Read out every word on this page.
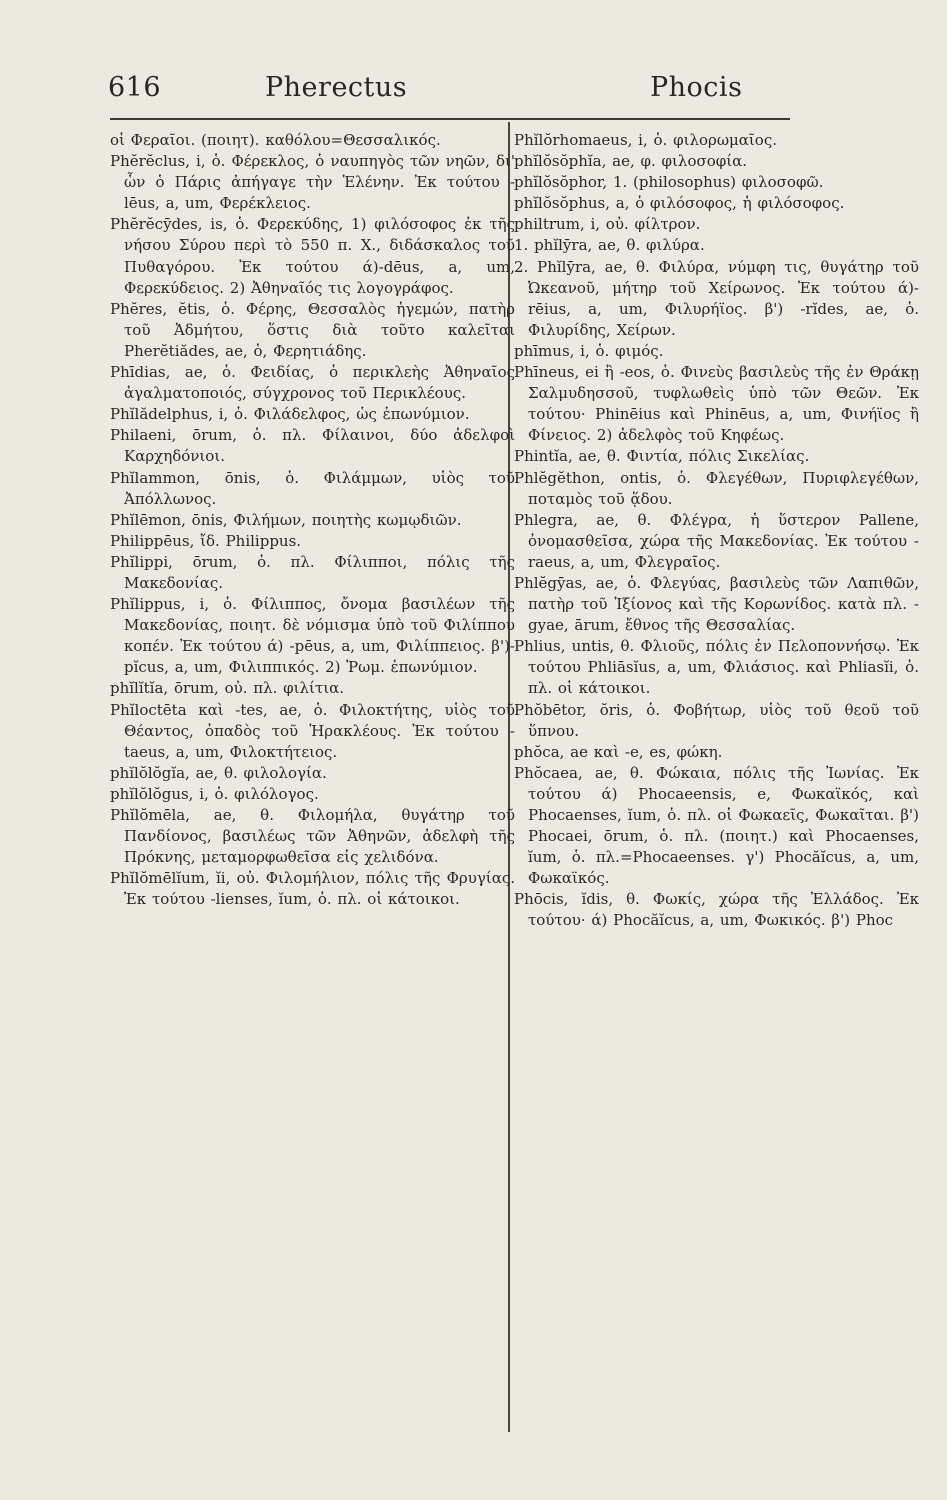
616	Pherectus	Phocis

οἱ Φεραῖοι. (ποιητ). καθόλου=Θεσσαλικός.

Phĕrĕclus, i, ὁ. Φέρεκλος, ὁ ναυπηγὸς τῶν νηῶν, δι' ὧν ὁ Πάρις ἀπήγαγε τὴν Ἑλένην. Ἐκ τούτου -lēus, a, um, Φερέκλειος.

Phĕrĕcȳdes, is, ὁ. Φερεκύδης, 1) φιλόσοφος ἐκ τῆς νήσου Σύρου περὶ τὸ 550 π. Χ., διδάσκαλος τοῦ Πυθαγόρου. Ἐκ τούτου ά)-dēus, a, um, Φερεκύδειος. 2) Ἀθηναῖός τις λογογράφος.

Phĕres, ĕtis, ὁ. Φέρης, Θεσσαλὸς ἡγεμών, πατὴρ τοῦ Ἀδμήτου, ὅστις διὰ τοῦτο καλεῖται Pherĕtiădes, ae, ὁ, Φερητιάδης.

Phīdias, ae, ὁ. Φειδίας, ὁ περικλεὴς Ἀθηναῖος ἀγαλματοποιός, σύγχρονος τοῦ Περικλέους.

Phĭlădelphus, i, ὁ. Φιλάδελφος, ὡς ἐπωνύμιον.

Philaeni, ōrum, ὁ. πλ. Φίλαινοι, δύο ἀδελφοὶ Καρχηδόνιοι.

Phĭlammon, ōnis, ὁ. Φιλάμμων, υἱὸς τοῦ Ἀπόλλωνος.

Phĭlēmon, ōnis, Φιλήμων, ποιητὴς κωμῳδιῶν.

Philippēus, ἴδ. Philippus.

Phĭlippi, ōrum, ὁ. πλ. Φίλιπποι, πόλις τῆς Μακεδονίας.

Phĭlippus, i, ὁ. Φίλιππος, ὄνομα βασιλέων τῆς Μακεδονίας, ποιητ. δὲ νόμισμα ὑπὸ τοῦ Φιλίππου κοπέν. Ἐκ τούτου ά) -pēus, a, um, Φιλίππειος. β')-pĭcus, a, um, Φιλιππικός. 2) Ῥωμ. ἐπωνύμιον.

phĭlĭtĭa, ōrum, οὐ. πλ. φιλίτια.

Phĭloctēta καὶ -tes, ae, ὁ. Φιλοκτήτης, υἱὸς τοῦ Θέαντος, ὀπαδὸς τοῦ Ἡρακλέους. Ἐκ τούτου -taeus, a, um, Φιλοκτήτειος.

phĭlŏlŏgĭa, ae, θ. φιλολογία.

phĭlŏlŏgus, i, ὁ. φιλόλογος.

Phĭlŏmēla, ae, θ. Φιλομήλα, θυγάτηρ τοῦ Πανδίονος, βασιλέως τῶν Ἀθηνῶν, ἀδελφὴ τῆς Πρόκνης, μεταμορφωθεῖσα εἰς χελιδόνα.

Phĭlŏmēlĭum, ĭi, οὐ. Φιλομήλιον, πόλις τῆς Φρυγίας. Ἐκ τούτου -lienses, ĭum, ὁ. πλ. οἱ κάτοικοι.

Phĭlŏrhomaeus, i, ὁ. φιλορωμαῖος.

phĭlŏsŏphĭa, ae, φ. φιλοσοφία.

phĭlŏsŏphor, 1. (philosophus) φιλοσοφῶ.

phĭlŏsŏphus, a, ὁ φιλόσοφος, ἡ φιλόσοφος.

philtrum, i, οὐ. φίλτρον.

1. phĭlȳra, ae, θ. φιλύρα.

2. Phĭlȳra, ae, θ. Φιλύρα, νύμφη τις, θυγάτηρ τοῦ Ὠκεανοῦ, μήτηρ τοῦ Χείρωνος. Ἐκ τούτου ά)-rēius, a, um, Φιλυρήϊος. β') -rĭdes, ae, ὁ. Φιλυρίδης, Χείρων.

phīmus, i, ὁ. φιμός.

Phīneus, ei ἢ -eos, ὁ. Φινεὺς βασιλεὺς τῆς ἐν Θράκῃ Σαλμυδησσοῦ, τυφλωθεὶς ὑπὸ τῶν Θεῶν. Ἐκ τούτου· Phinēius καὶ Phinēus, a, um, Φινήϊος ἢ Φίνειος. 2) ἀδελφὸς τοῦ Κηφέως.

Phintĭa, ae, θ. Φιντία, πόλις Σικελίας.

Phlĕgĕthon, ontis, ὁ. Φλεγέθων, Πυριφλεγέθων, ποταμὸς τοῦ ᾅδου.

Phlegra, ae, θ. Φλέγρα, ἡ ὕστερον Pallene, ὀνομασθεῖσα, χώρα τῆς Μακεδονίας. Ἐκ τούτου -raeus, a, um, Φλεγραῖος.

Phlĕgȳas, ae, ὁ. Φλεγύας, βασιλεὺς τῶν Λαπιθῶν, πατὴρ τοῦ Ἰξίονος καὶ τῆς Κορωνίδος. κατὰ πλ. -gyae, ārum, ἔθνος τῆς Θεσσαλίας.

Phlius, untis, θ. Φλιοῦς, πόλις ἐν Πελοποννήσῳ. Ἐκ τούτου Phliāsĭus, a, um, Φλιάσιος. καὶ Phliasĭi, ὁ. πλ. οἱ κάτοικοι.

Phŏbētor, ŏris, ὁ. Φοβήτωρ, υἱὸς τοῦ θεοῦ τοῦ ὕπνου.

phŏca, ae καὶ -e, es, φώκη.

Phŏcaea, ae, θ. Φώκαια, πόλις τῆς Ἰωνίας. Ἐκ τούτου ά) Phocaeensis, e, Φωκαϊκός, καὶ Phocaenses, ĭum, ὁ. πλ. οἱ Φωκαεῖς, Φωκαῖται. β') Phocaei, ōrum, ὁ. πλ. (ποιητ.) καὶ Phocaenses, ĭum, ὁ. πλ.=Phocaeenses. γ') Phocăĭcus, a, um, Φωκαϊκός.

Phōcis, ĭdis, θ. Φωκίς, χώρα τῆς Ἑλλάδος. Ἐκ τούτου· ά) Phocăĭcus, a, um, Φωκικός. β') Phoc
